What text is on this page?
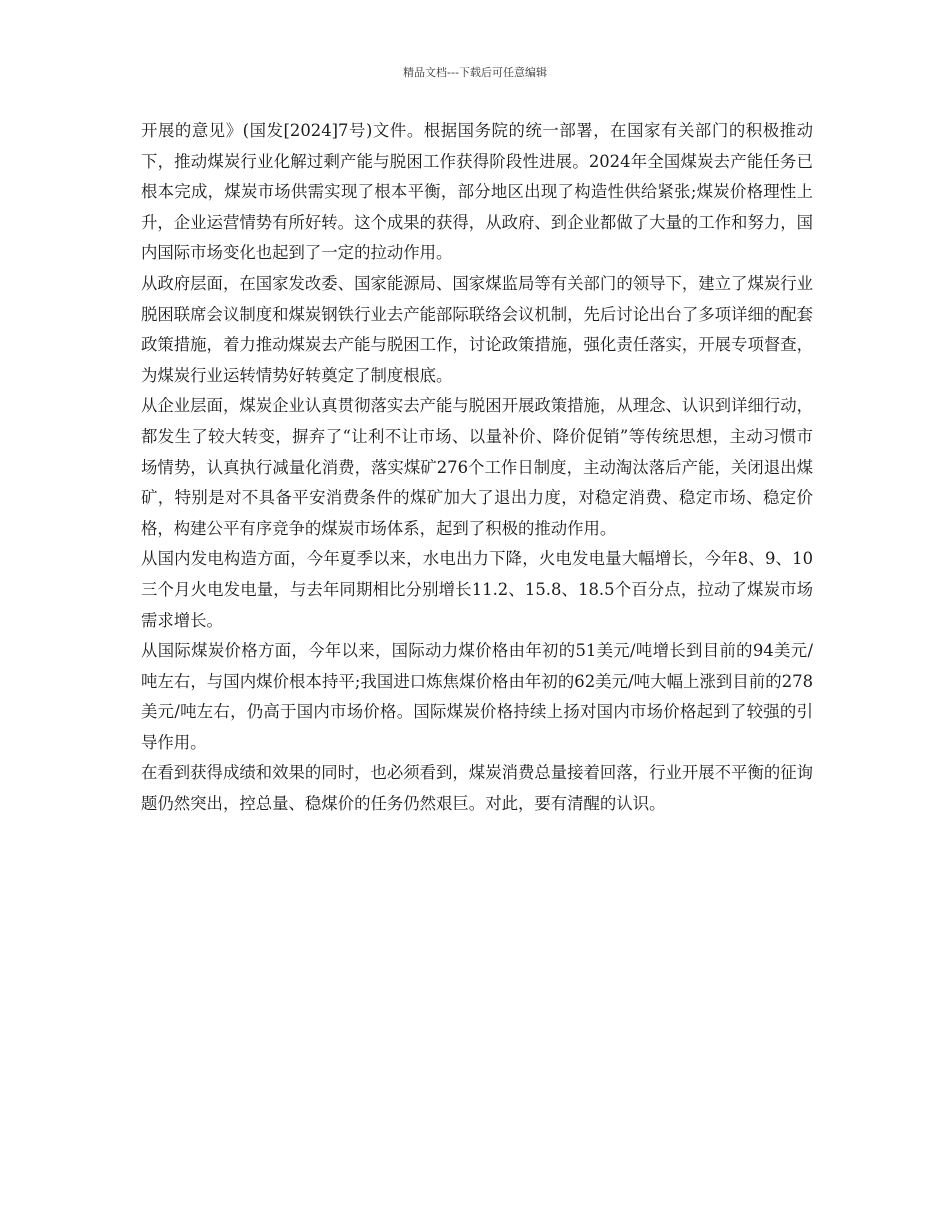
精品文档---下载后可任意编辑

开展的意见》(国发[2024]7号)文件。根据国务院的统一部署，在国家有关部门的积极推动下，推动煤炭行业化解过剩产能与脱困工作获得阶段性进展。2024年全国煤炭去产能任务已根本完成，煤炭市场供需实现了根本平衡，部分地区出现了构造性供给紧张;煤炭价格理性上升，企业运营情势有所好转。这个成果的获得，从政府、到企业都做了大量的工作和努力，国内国际市场变化也起到了一定的拉动作用。

从政府层面，在国家发改委、国家能源局、国家煤监局等有关部门的领导下，建立了煤炭行业脱困联席会议制度和煤炭钢铁行业去产能部际联络会议机制，先后讨论出台了多项详细的配套政策措施，着力推动煤炭去产能与脱困工作，讨论政策措施，强化责任落实，开展专项督查，为煤炭行业运转情势好转奠定了制度根底。

从企业层面，煤炭企业认真贯彻落实去产能与脱困开展政策措施，从理念、认识到详细行动，都发生了较大转变，摒弃了“让利不让市场、以量补价、降价促销”等传统思想，主动习惯市场情势，认真执行减量化消费，落实煤矿276个工作日制度，主动淘汰落后产能，关闭退出煤矿，特别是对不具备平安消费条件的煤矿加大了退出力度，对稳定消费、稳定市场、稳定价格，构建公平有序竞争的煤炭市场体系，起到了积极的推动作用。

从国内发电构造方面，今年夏季以来，水电出力下降，火电发电量大幅增长，今年8、9、10三个月火电发电量，与去年同期相比分别增长11.2、15.8、18.5个百分点，拉动了煤炭市场需求增长。

从国际煤炭价格方面，今年以来，国际动力煤价格由年初的51美元/吨增长到目前的94美元/吨左右，与国内煤价根本持平;我国进口炼焦煤价格由年初的62美元/吨大幅上涨到目前的278美元/吨左右，仍高于国内市场价格。国际煤炭价格持续上扬对国内市场价格起到了较强的引导作用。

在看到获得成绩和效果的同时，也必须看到，煤炭消费总量接着回落，行业开展不平衡的征询题仍然突出，控总量、稳煤价的任务仍然艰巨。对此，要有清醒的认识。
